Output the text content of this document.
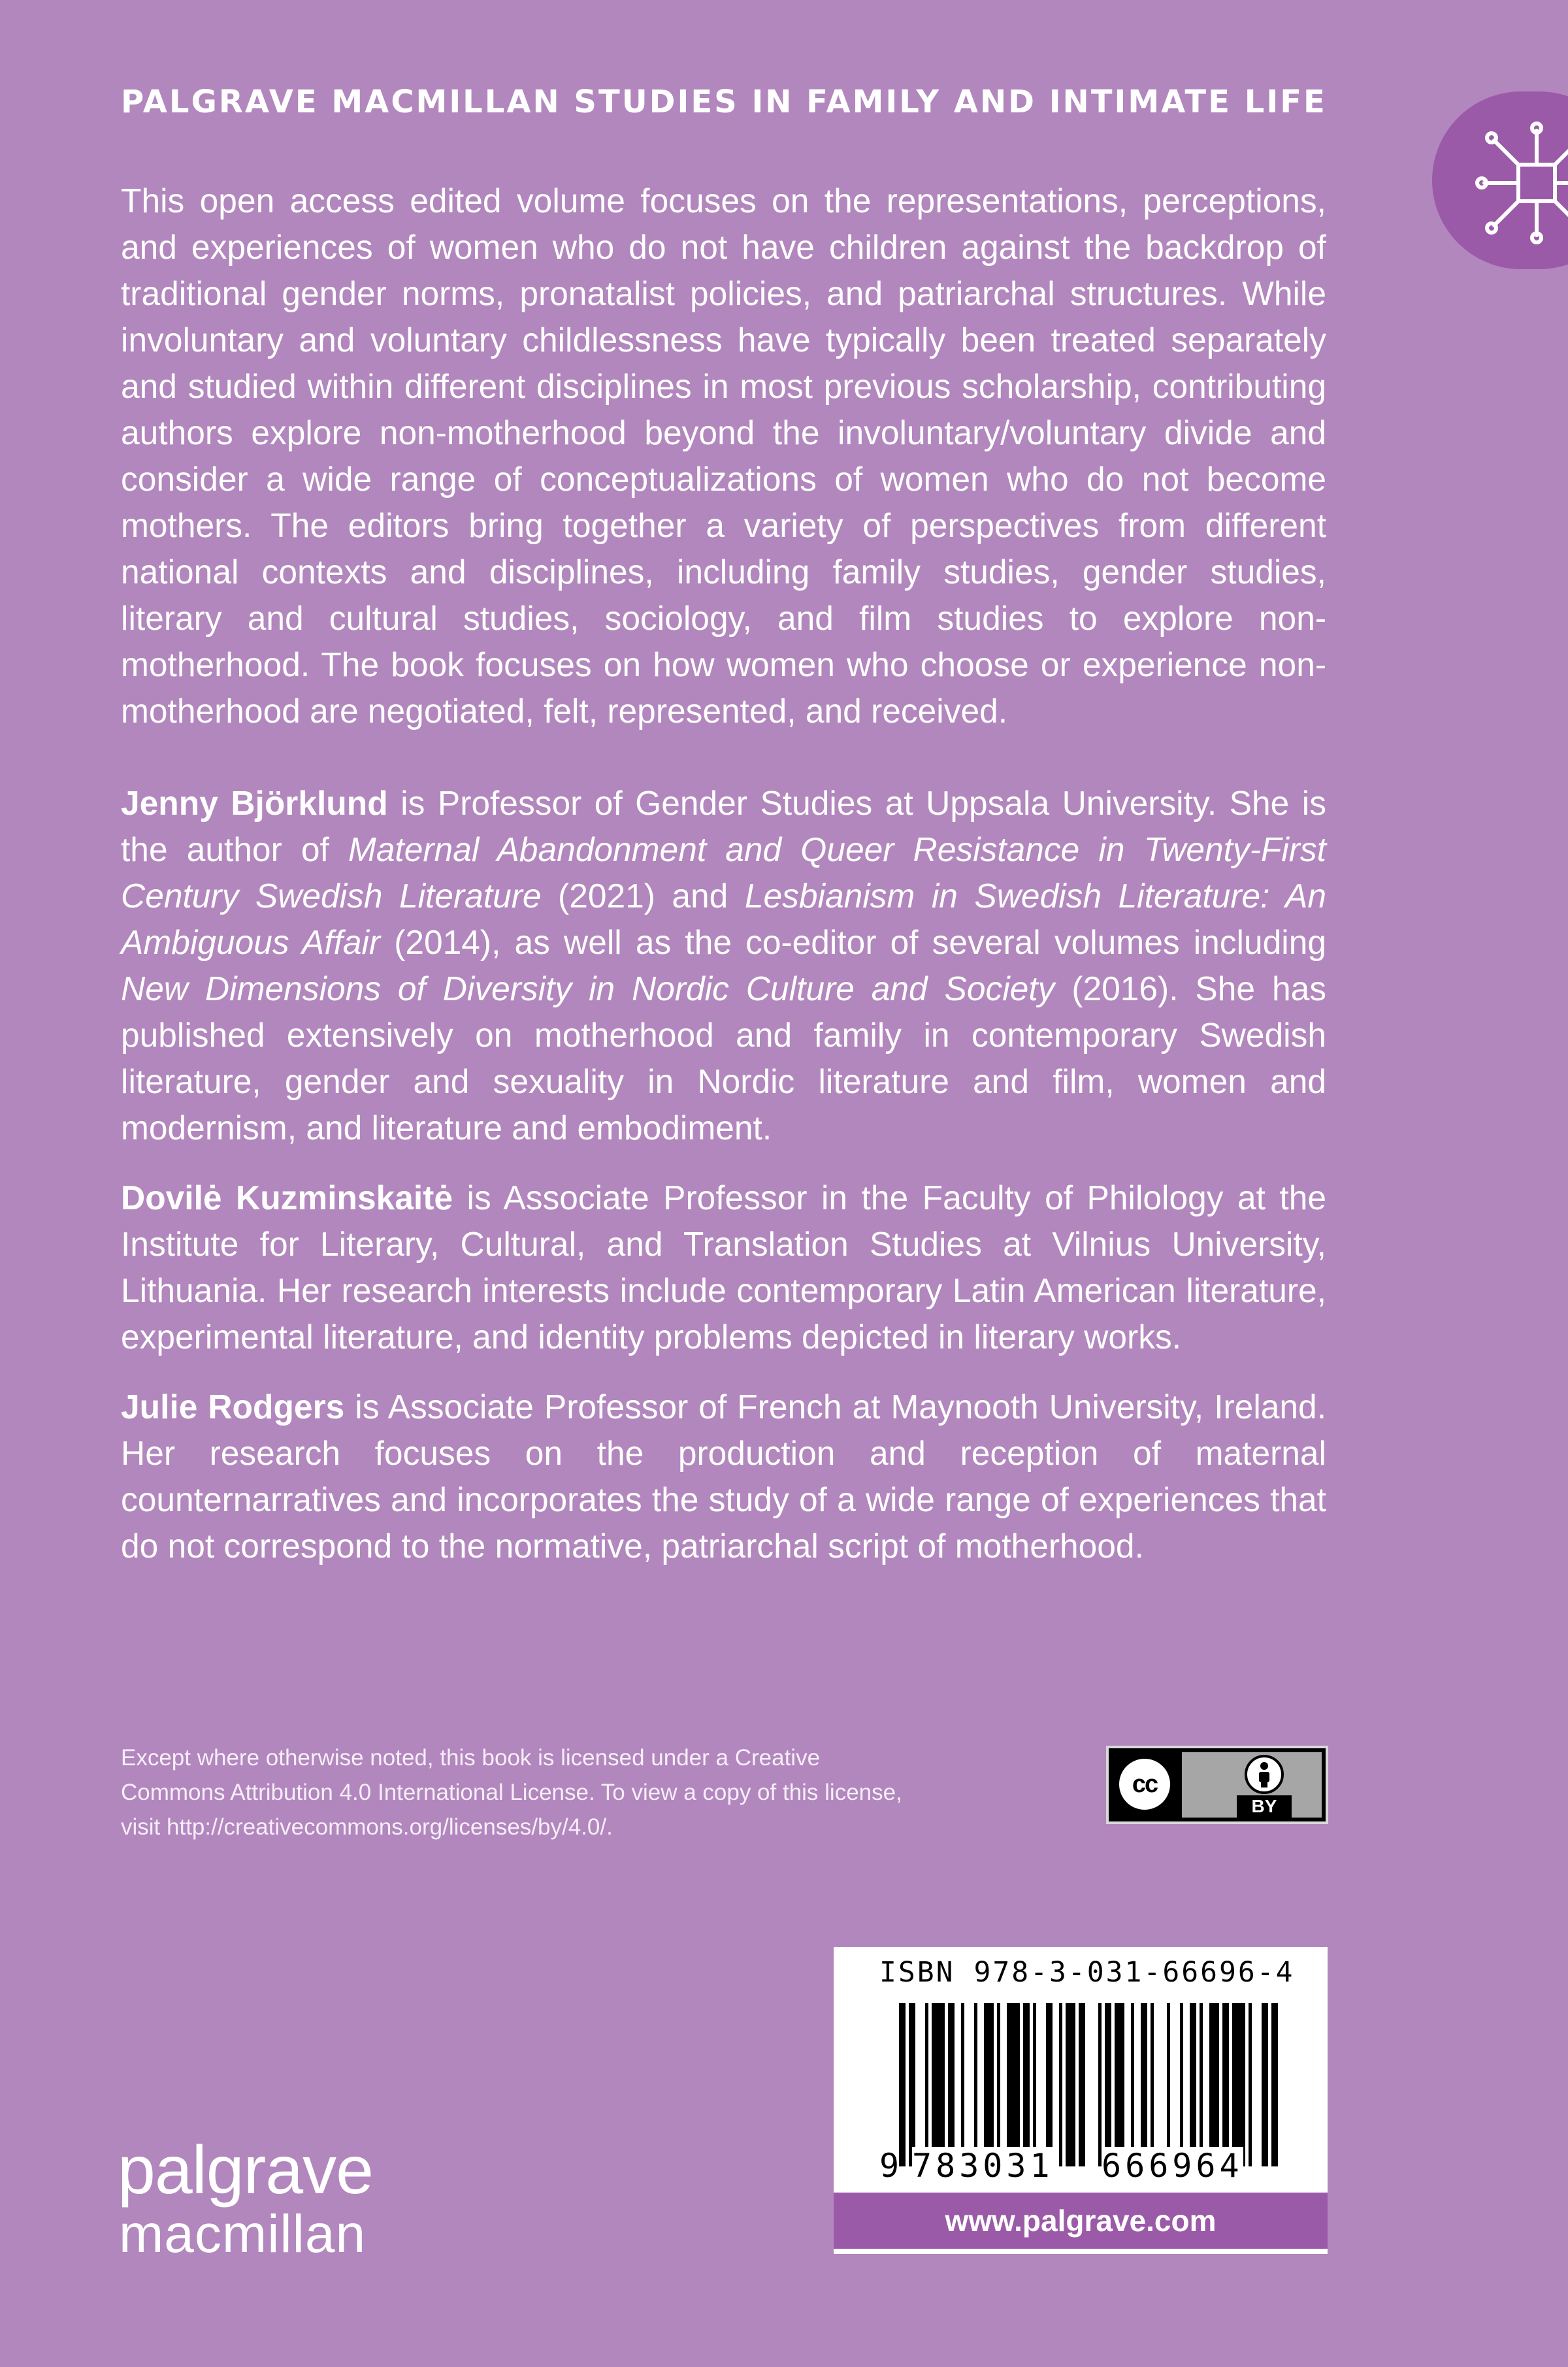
PALGRAVE MACMILLAN STUDIES IN FAMILY AND INTIMATE LIFE

This open access edited volume focuses on the representations, perceptions, and experiences of women who do not have children against the backdrop of traditional gender norms, pronatalist policies, and patriarchal structures. While involuntary and voluntary childlessness have typically been treated separately and studied within different disciplines in most previous scholarship, contributing authors explore non-motherhood beyond the involuntary/voluntary divide and consider a wide range of conceptualizations of women who do not become mothers. The editors bring together a variety of perspectives from different national contexts and disciplines, including family studies, gender studies, literary and cultural studies, sociology, and film studies to explore non-motherhood. The book focuses on how women who choose or experience non-motherhood are negotiated, felt, represented, and received.

Jenny Björklund is Professor of Gender Studies at Uppsala University. She is the author of Maternal Abandonment and Queer Resistance in Twenty-First Century Swedish Literature (2021) and Lesbianism in Swedish Literature: An Ambiguous Affair (2014), as well as the co-editor of several volumes including New Dimensions of Diversity in Nordic Culture and Society (2016). She has published extensively on motherhood and family in contemporary Swedish literature, gender and sexuality in Nordic literature and film, women and modernism, and literature and embodiment.

Dovilė Kuzminskaitė is Associate Professor in the Faculty of Philology at the Institute for Literary, Cultural, and Translation Studies at Vilnius University, Lithuania. Her research interests include contemporary Latin American literature, experimental literature, and identity problems depicted in literary works.

Julie Rodgers is Associate Professor of French at Maynooth University, Ireland. Her research focuses on the production and reception of maternal counternarratives and incorporates the study of a wide range of experiences that do not correspond to the normative, patriarchal script of motherhood.

Except where otherwise noted, this book is licensed under a Creative Commons Attribution 4.0 International License. To view a copy of this license, visit http://creativecommons.org/licenses/by/4.0/.
cc
BY
palgrave
macmillan
ISBN 978-3-031-66696-4
9 783031 666964
www.palgrave.com
